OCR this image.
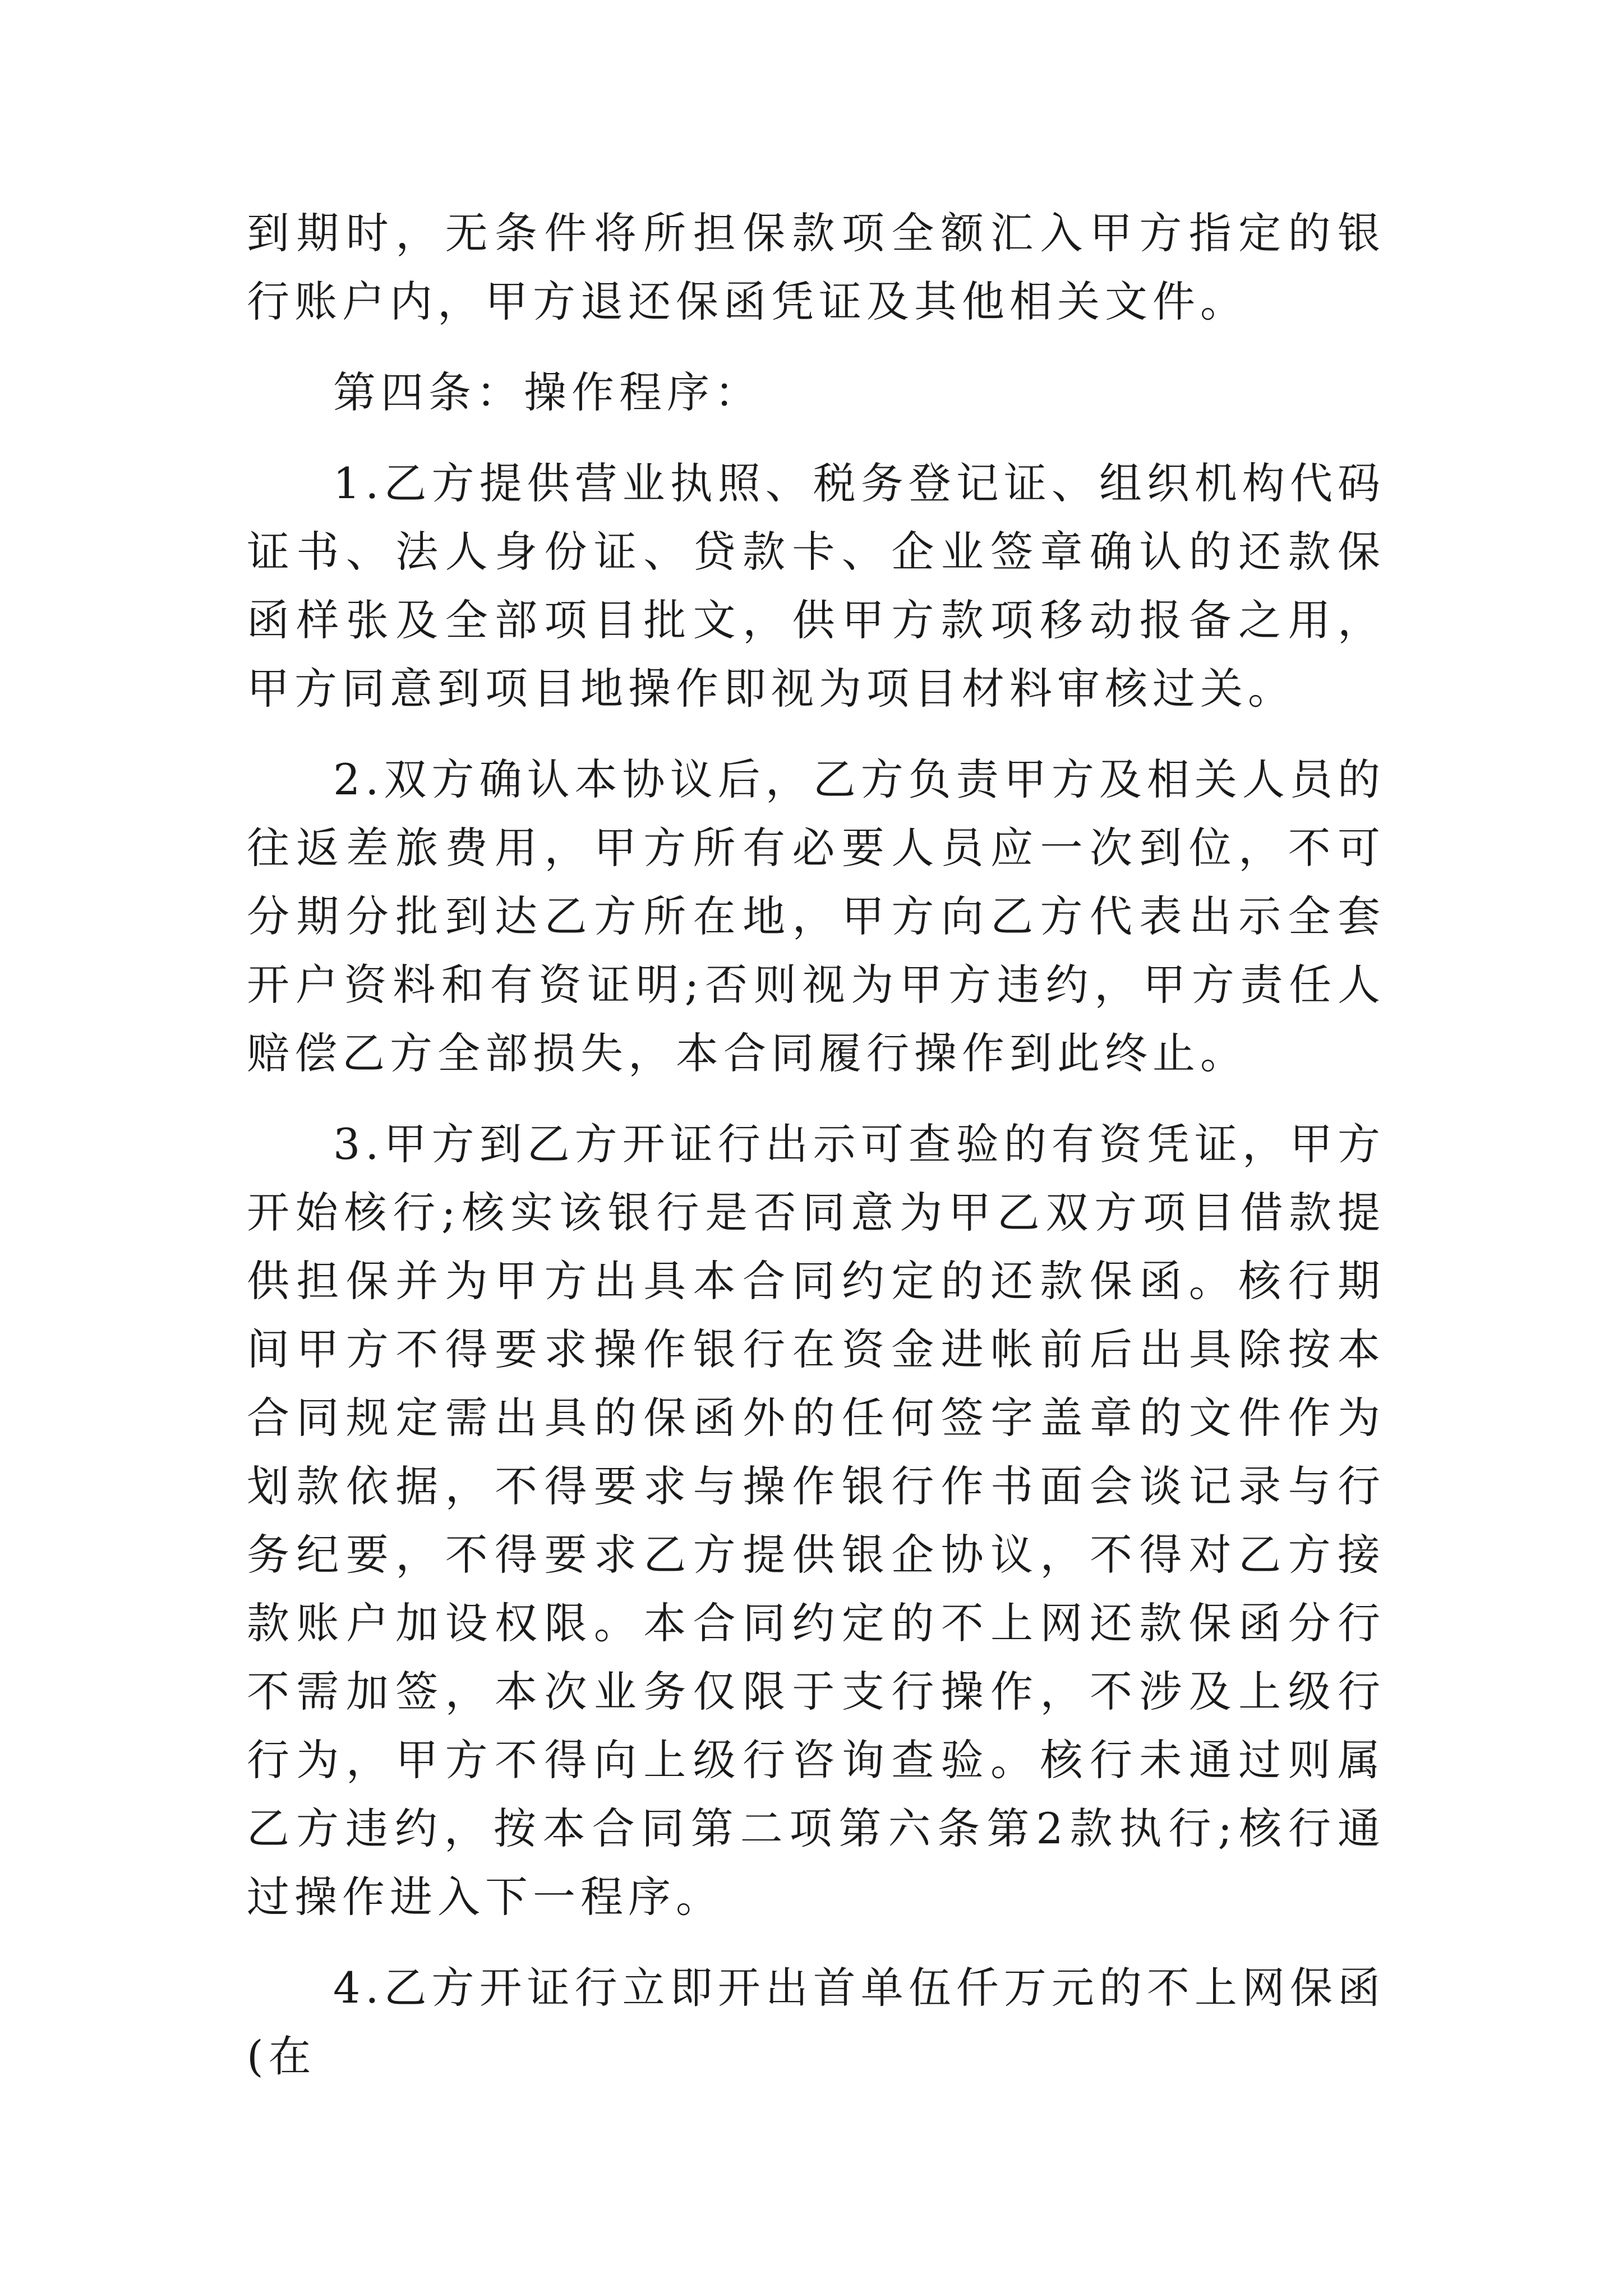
到期时，无条件将所担保款项全额汇入甲方指定的银行账户内，甲方退还保函凭证及其他相关文件。

第四条：操作程序：

1.乙方提供营业执照、税务登记证、组织机构代码证书、法人身份证、贷款卡、企业签章确认的还款保函样张及全部项目批文，供甲方款项移动报备之用，甲方同意到项目地操作即视为项目材料审核过关。

2.双方确认本协议后，乙方负责甲方及相关人员的往返差旅费用，甲方所有必要人员应一次到位，不可分期分批到达乙方所在地，甲方向乙方代表出示全套开户资料和有资证明;否则视为甲方违约，甲方责任人赔偿乙方全部损失，本合同履行操作到此终止。

3.甲方到乙方开证行出示可查验的有资凭证，甲方开始核行;核实该银行是否同意为甲乙双方项目借款提供担保并为甲方出具本合同约定的还款保函。核行期间甲方不得要求操作银行在资金进帐前后出具除按本合同规定需出具的保函外的任何签字盖章的文件作为划款依据，不得要求与操作银行作书面会谈记录与行务纪要，不得要求乙方提供银企协议，不得对乙方接款账户加设权限。本合同约定的不上网还款保函分行不需加签，本次业务仅限于支行操作，不涉及上级行行为，甲方不得向上级行咨询查验。核行未通过则属乙方违约，按本合同第二项第六条第2款执行;核行通过操作进入下一程序。

4.乙方开证行立即开出首单伍仟万元的不上网保函(在
